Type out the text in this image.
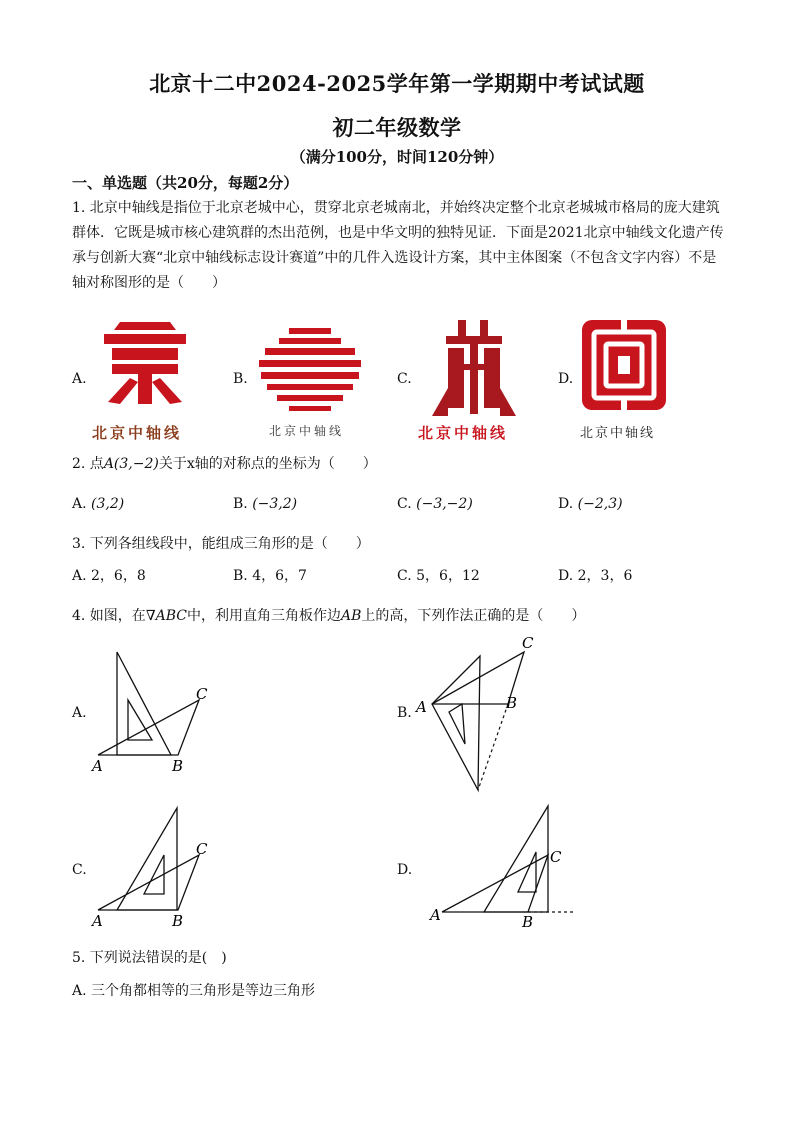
北京十二中2024-2025学年第一学期期中考试试题
初二年级数学
（满分100分，时间120分钟）
一、单选题（共20分，每题2分）
1. 北京中轴线是指位于北京老城中心，贯穿北京老城南北，并始终决定整个北京老城城市格局的庞大建筑群体．它既是城市核心建筑群的杰出范例，也是中华文明的独特见证．下面是2021北京中轴线文化遗产传承与创新大赛“北京中轴线标志设计赛道”中的几件入选设计方案，其中主体图案（不包含文字内容）不是轴对称图形的是（　　）
A.
北京中轴线
B.
北京中轴线
C.
北京中轴线
D.
北京中轴线
2. 点A(3,−2)关于x轴的对称点的坐标为（　　）
A. (3,2)	B. (−3,2)	C. (−3,−2)	D. (−2,3)
3. 下列各组线段中，能组成三角形的是（　　）
A. 2，6，8	B. 4，6，7	C. 5，6，12	D. 2，3，6
4. 如图，在∇ABC中，利用直角三角板作边AB上的高，下列作法正确的是（　　）
A.
A	B
C
B. A	B
C
C.
A	B
C
D.
A	B
C
5. 下列说法错误的是(　)
A. 三个角都相等的三角形是等边三角形
